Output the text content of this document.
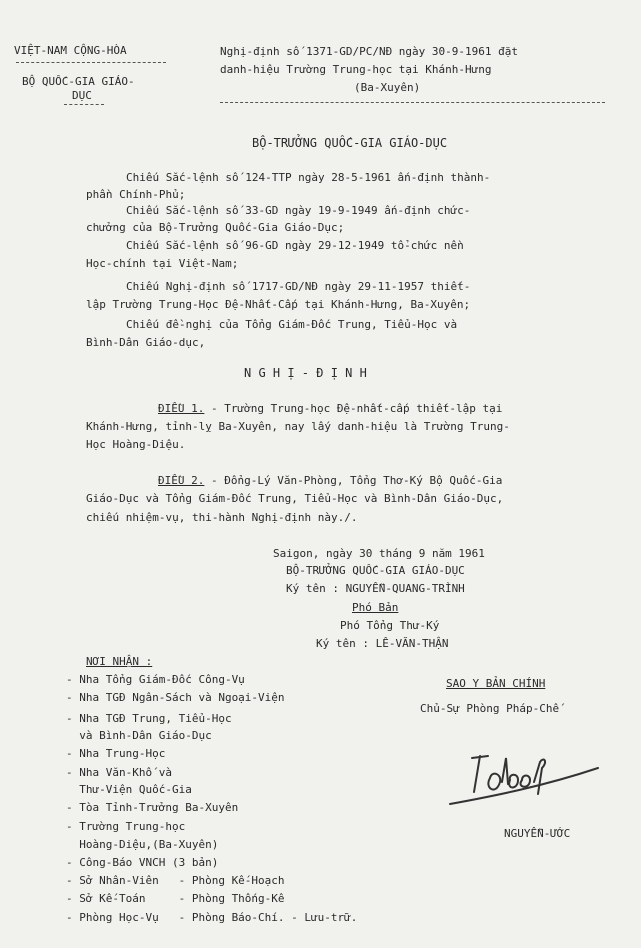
VIỆT-NAM CỘNG-HÒA
BỘ QUỐC-GIA GIÁO-
DỤC
Nghị-định số 1371-GD/PC/NĐ ngày 30-9-1961 đặt
danh-hiệu Trường Trung-học tại Khánh-Hưng
(Ba-Xuyên)
BỘ-TRƯỞNG QUỐC-GIA GIÁO-DỤC
Chiếu Sắc-lệnh số 124-TTP ngày 28-5-1961 ấn-định thành-
phần Chính-Phủ;
Chiếu Sắc-lệnh số 33-GD ngày 19-9-1949 ấn-định chức-
chưởng của Bộ-Trưởng Quốc-Gia Giáo-Dục;
Chiếu Sắc-lệnh số 96-GD ngày 29-12-1949 tổ-chức nền
Học-chính tại Việt-Nam;
Chiếu Nghị-định số 1717-GD/NĐ ngày 29-11-1957 thiết-
lập Trường Trung-Học Đệ-Nhất-Cấp tại Khánh-Hưng, Ba-Xuyên;
Chiếu đề-nghị của Tổng Giám-Đốc Trung, Tiểu-Học và
Bình-Dân Giáo-dục,
N G H Ị - Đ Ị N H
ĐIỀU 1. - Trường Trung-học Đệ-nhất-cấp thiết-lập tại
Khánh-Hưng, tỉnh-lỵ Ba-Xuyên, nay lấy danh-hiệu là Trường Trung-
Học Hoàng-Diệu.
ĐIỀU 2. - Đổng-Lý Văn-Phòng, Tổng Thơ-Ký Bộ Quốc-Gia
Giáo-Dục và Tổng Giám-Đốc Trung, Tiểu-Học và Bình-Dân Giáo-Dục,
chiếu nhiệm-vụ, thi-hành Nghị-định này./.
Saigon, ngày 30 tháng 9 năm 1961
BỘ-TRƯỞNG QUỐC-GIA GIÁO-DỤC
Ký tên : NGUYỄN-QUANG-TRÌNH
Phó Bản
Phó Tổng Thư-Ký
Ký tên : LÊ-VĂN-THẬN
NƠI NHẬN :
- Nha Tổng Giám-Đốc Công-Vụ
- Nha TGĐ Ngân-Sách và Ngoại-Viện
- Nha TGĐ Trung, Tiểu-Học
và Bình-Dân Giáo-Dục
- Nha Trung-Học
- Nha Văn-Khố và
Thư-Viện Quốc-Gia
- Tòa Tỉnh-Trưởng Ba-Xuyên
- Trường Trung-học
Hoàng-Diệu,(Ba-Xuyên)
- Công-Báo VNCH (3 bản)
- Sở Nhân-Viên   - Phòng Kế-Hoạch
- Sở Kế-Toán     - Phòng Thống-Kê
- Phòng Học-Vụ   - Phòng Báo-Chí. - Lưu-trữ.
SAO Y BẢN CHÍNH
Chủ-Sự Phòng Pháp-Chế
NGUYỄN-ƯỚC
